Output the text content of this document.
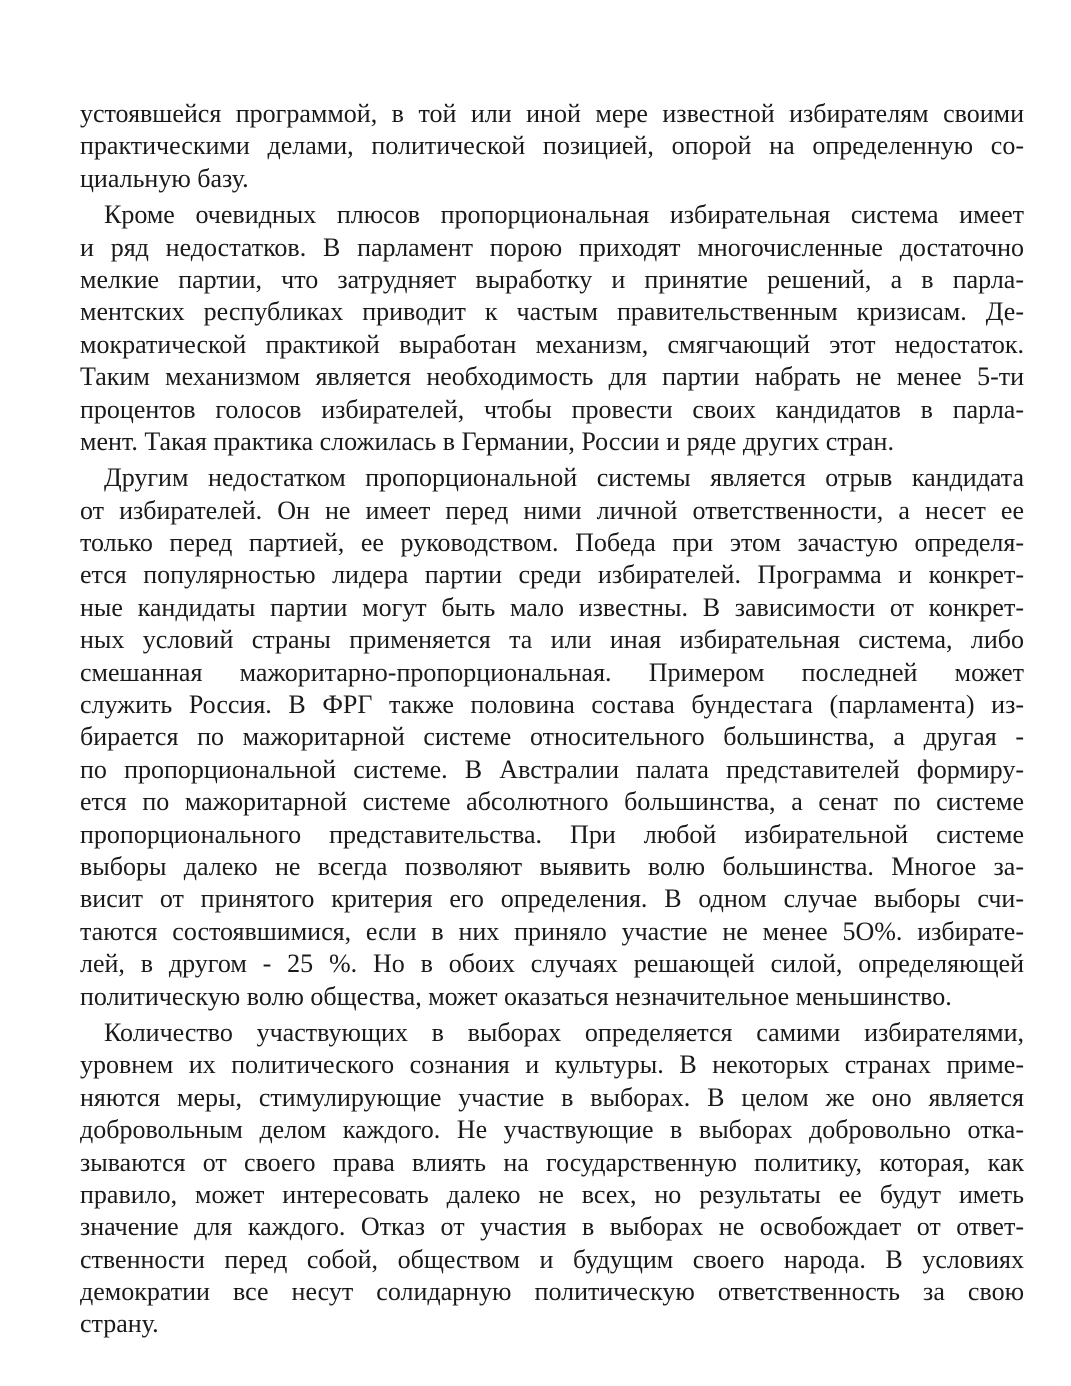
устоявшейся программой, в той или иной мере известной избирателям своими
практическими делами, политической позицией, опорой на определенную со-
циальную базу.
Кроме очевидных плюсов пропорциональная избирательная система имеет
и ряд недостатков. В парламент порою приходят многочисленные достаточно
мелкие партии, что затрудняет выработку и принятие решений, а в парла-
ментских республиках приводит к частым правительственным кризисам. Де-
мократической практикой выработан механизм, смягчающий этот недостаток.
Таким механизмом является необходимость для партии набрать не менее 5-ти
процентов голосов избирателей, чтобы провести своих кандидатов в парла-
мент. Такая практика сложилась в Германии, России и ряде других стран.
Другим недостатком пропорциональной системы является отрыв кандидата
от избирателей. Он не имеет перед ними личной ответственности, а несет ее
только перед партией, ее руководством. Победа при этом зачастую определя-
ется популярностью лидера партии среди избирателей. Программа и конкрет-
ные кандидаты партии могут быть мало известны. В зависимости от конкрет-
ных условий страны применяется та или иная избирательная система, либо
смешанная мажоритарно-пропорциональная. Примером последней может
служить Россия. В ФРГ также половина состава бундестага (парламента) из-
бирается по мажоритарной системе относительного большинства, а другая -
по пропорциональной системе. В Австралии палата представителей формиру-
ется по мажоритарной системе абсолютного большинства, а сенат по системе
пропорционального представительства. При любой избирательной системе
выборы далеко не всегда позволяют выявить волю большинства. Многое за-
висит от принятого критерия его определения. В одном случае выборы счи-
таются состоявшимися, если в них приняло участие не менее 5О%. избирате-
лей, в другом - 25 %. Но в обоих случаях решающей силой, определяющей
политическую волю общества, может оказаться незначительное меньшинство.
Количество участвующих в выборах определяется самими избирателями,
уровнем их политического сознания и культуры. В некоторых странах приме-
няются меры, стимулирующие участие в выборах. В целом же оно является
добровольным делом каждого. Не участвующие в выборах добровольно отка-
зываются от своего права влиять на государственную политику, которая, как
правило, может интересовать далеко не всех, но результаты ее будут иметь
значение для каждого. Отказ от участия в выборах не освобождает от ответ-
ственности перед собой, обществом и будущим своего народа. В условиях
демократии все несут солидарную политическую ответственность за свою
страну.
